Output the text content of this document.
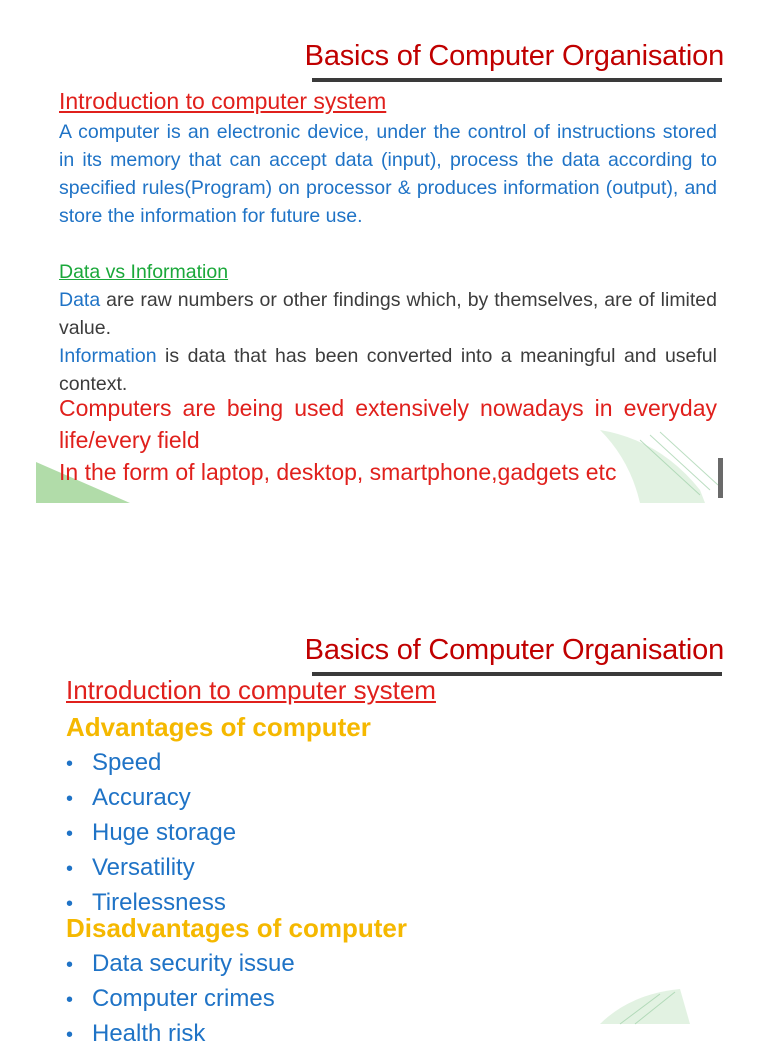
Basics of Computer Organisation
Introduction to computer system

A computer is an electronic device, under the control of instructions stored in its memory that can accept data (input), process the data according to specified rules(Program) on processor & produces information (output), and store the information for future use.

Data vs Information

Data are raw numbers or other findings which, by themselves, are of limited value.

Information is data that has been converted into a meaningful and useful context.

Computers are being used extensively nowadays in everyday life/every field

In the form of laptop, desktop, smartphone,gadgets etc

Basics of Computer Organisation
Introduction to computer system
Advantages of computer
• Speed
• Accuracy
• Huge storage
• Versatility
• Tirelessness
Disadvantages of computer
• Data security issue
• Computer crimes
• Health risk
